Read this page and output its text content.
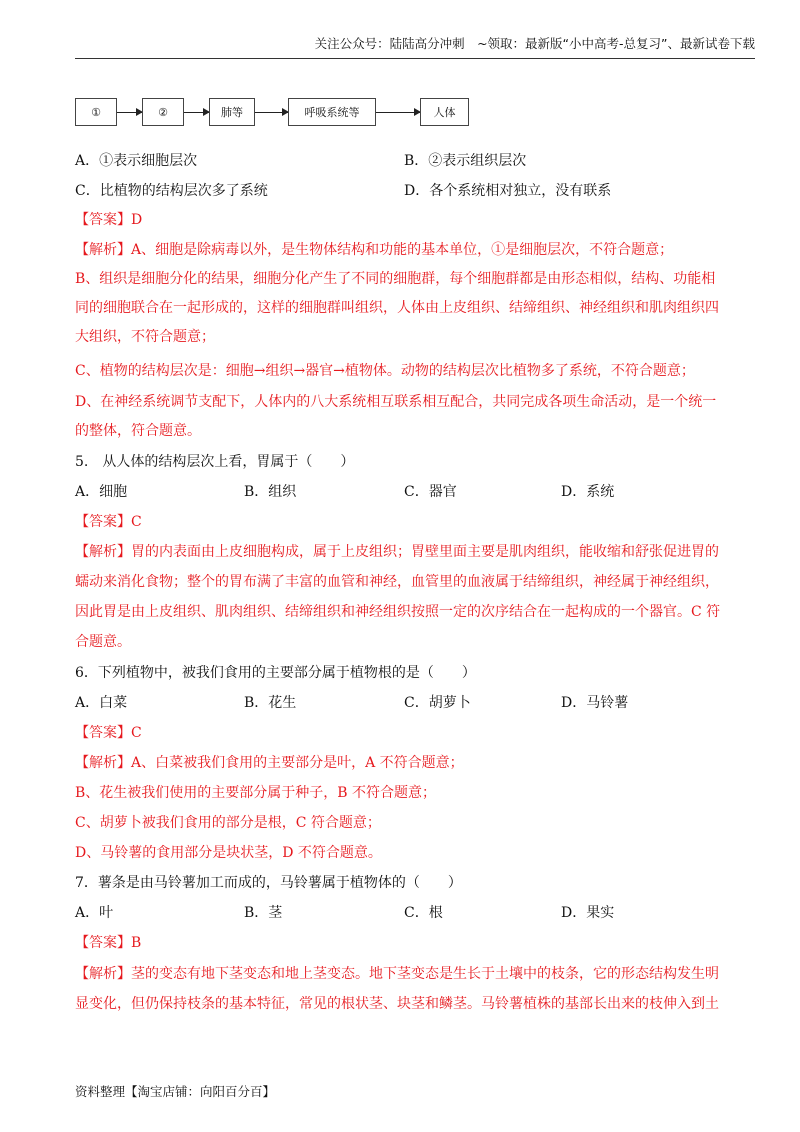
关注公众号：陆陆高分冲刺　~领取：最新版“小中高考-总复习”、最新试卷下载
①	②	肺等	呼吸系统等	人体
A．①表示细胞层次	B．②表示组织层次
C．比植物的结构层次多了系统	D．各个系统相对独立，没有联系
【答案】D
【解析】A、细胞是除病毒以外，是生物体结构和功能的基本单位，①是细胞层次，不符合题意；
B、组织是细胞分化的结果，细胞分化产生了不同的细胞群，每个细胞群都是由形态相似，结构、功能相
同的细胞联合在一起形成的，这样的细胞群叫组织，人体由上皮组织、结缔组织、神经组织和肌肉组织四
大组织，不符合题意；
C、植物的结构层次是：细胞→组织→器官→植物体。动物的结构层次比植物多了系统，不符合题意；
D、在神经系统调节支配下，人体内的八大系统相互联系相互配合，共同完成各项生命活动，是一个统一
的整体，符合题意。
5.　从人体的结构层次上看，胃属于（　　）
A．细胞	B．组织	C．器官	D．系统
【答案】C
【解析】胃的内表面由上皮细胞构成，属于上皮组织；胃壁里面主要是肌肉组织，能收缩和舒张促进胃的
蠕动来消化食物；整个的胃布满了丰富的血管和神经，血管里的血液属于结缔组织，神经属于神经组织，
因此胃是由上皮组织、肌肉组织、结缔组织和神经组织按照一定的次序结合在一起构成的一个器官。C 符
合题意。
6．下列植物中，被我们食用的主要部分属于植物根的是（　　）
A．白菜	B．花生	C．胡萝卜	D．马铃薯
【答案】C
【解析】A、白菜被我们食用的主要部分是叶，A 不符合题意；
B、花生被我们使用的主要部分属于种子，B 不符合题意；
C、胡萝卜被我们食用的部分是根，C 符合题意；
D、马铃薯的食用部分是块状茎，D 不符合题意。
7．薯条是由马铃薯加工而成的，马铃薯属于植物体的（　　）
A．叶	B．茎	C．根	D．果实
【答案】B
【解析】茎的变态有地下茎变态和地上茎变态。地下茎变态是生长于土壤中的枝条，它的形态结构发生明
显变化，但仍保持枝条的基本特征，常见的根状茎、块茎和鳞茎。马铃薯植株的基部长出来的枝伸入到土
资料整理【淘宝店铺：向阳百分百】
